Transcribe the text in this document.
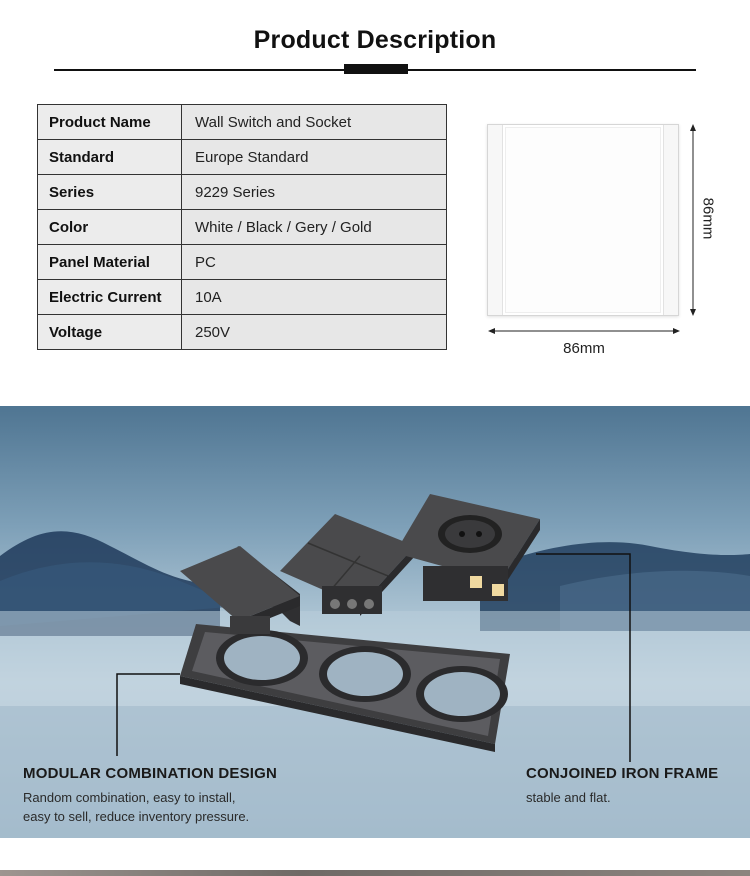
Product Description
Product Name	Wall Switch and Socket
Standard	Europe Standard
Series	9229 Series
Color	White / Black / Gery / Gold
Panel Material	PC
Electric Current	10A
Voltage	250V
86mm
86mm
MODULAR COMBINATION DESIGN
Random combination, easy to install,
easy to sell, reduce inventory pressure.
CONJOINED IRON FRAME
stable and flat.
